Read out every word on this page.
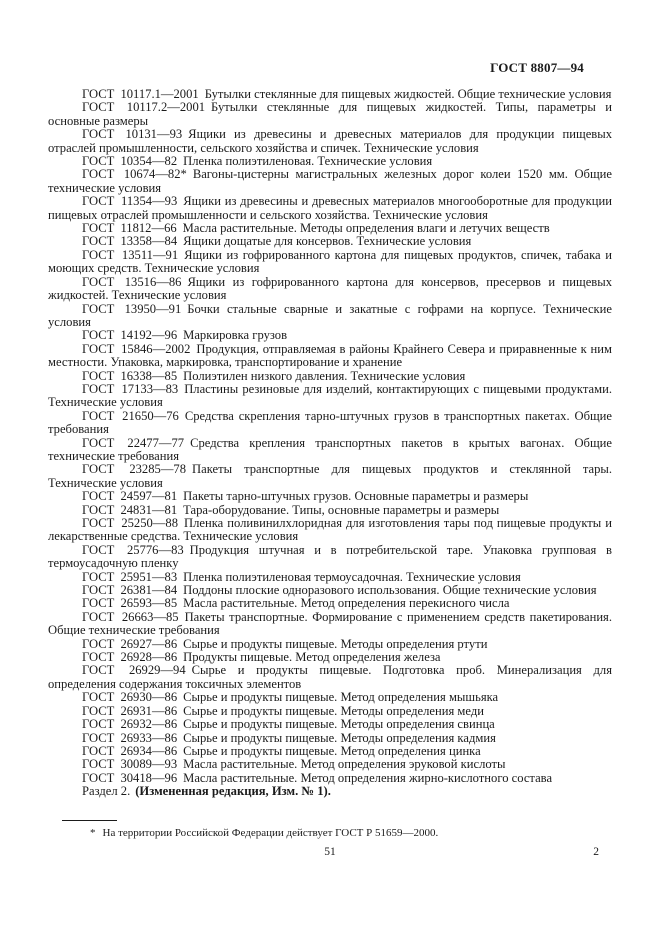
ГОСТ 8807—94

ГОСТ 10117.1—2001 Бутылки стеклянные для пищевых жидкостей. Общие технические условия

ГОСТ 10117.2—2001 Бутылки стеклянные для пищевых жидкостей. Типы, параметры и основные размеры

ГОСТ 10131—93 Ящики из древесины и древесных материалов для продукции пищевых отраслей промышленности, сельского хозяйства и спичек. Технические условия

ГОСТ 10354—82 Пленка полиэтиленовая. Технические условия

ГОСТ 10674—82* Вагоны-цистерны магистральных железных дорог колеи 1520 мм. Общие технические условия

ГОСТ 11354—93 Ящики из древесины и древесных материалов многооборотные для продукции пищевых отраслей промышленности и сельского хозяйства. Технические условия

ГОСТ 11812—66 Масла растительные. Методы определения влаги и летучих веществ

ГОСТ 13358—84 Ящики дощатые для консервов. Технические условия

ГОСТ 13511—91 Ящики из гофрированного картона для пищевых продуктов, спичек, табака и моющих средств. Технические условия

ГОСТ 13516—86 Ящики из гофрированного картона для консервов, пресервов и пищевых жидкостей. Технические условия

ГОСТ 13950—91 Бочки стальные сварные и закатные с гофрами на корпусе. Технические условия

ГОСТ 14192—96 Маркировка грузов

ГОСТ 15846—2002 Продукция, отправляемая в районы Крайнего Севера и приравненные к ним местности. Упаковка, маркировка, транспортирование и хранение

ГОСТ 16338—85 Полиэтилен низкого давления. Технические условия

ГОСТ 17133—83 Пластины резиновые для изделий, контактирующих с пищевыми продуктами. Технические условия

ГОСТ 21650—76 Средства скрепления тарно-штучных грузов в транспортных пакетах. Общие требования

ГОСТ 22477—77 Средства крепления транспортных пакетов в крытых вагонах. Общие технические требования

ГОСТ 23285—78 Пакеты транспортные для пищевых продуктов и стеклянной тары. Технические условия

ГОСТ 24597—81 Пакеты тарно-штучных грузов. Основные параметры и размеры

ГОСТ 24831—81 Тара-оборудование. Типы, основные параметры и размеры

ГОСТ 25250—88 Пленка поливинилхлоридная для изготовления тары под пищевые продукты и лекарственные средства. Технические условия

ГОСТ 25776—83 Продукция штучная и в потребительской таре. Упаковка групповая в термоусадочную пленку

ГОСТ 25951—83 Пленка полиэтиленовая термоусадочная. Технические условия

ГОСТ 26381—84 Поддоны плоские одноразового использования. Общие технические условия

ГОСТ 26593—85 Масла растительные. Метод определения перекисного числа

ГОСТ 26663—85 Пакеты транспортные. Формирование с применением средств пакетирования. Общие технические требования

ГОСТ 26927—86 Сырье и продукты пищевые. Методы определения ртути

ГОСТ 26928—86 Продукты пищевые. Метод определения железа

ГОСТ 26929—94 Сырье и продукты пищевые. Подготовка проб. Минерализация для определения содержания токсичных элементов

ГОСТ 26930—86 Сырье и продукты пищевые. Метод определения мышьяка

ГОСТ 26931—86 Сырье и продукты пищевые. Методы определения меди

ГОСТ 26932—86 Сырье и продукты пищевые. Методы определения свинца

ГОСТ 26933—86 Сырье и продукты пищевые. Методы определения кадмия

ГОСТ 26934—86 Сырье и продукты пищевые. Метод определения цинка

ГОСТ 30089—93 Масла растительные. Метод определения эруковой кислоты

ГОСТ 30418—96 Масла растительные. Метод определения жирно-кислотного состава

Раздел 2. (Измененная редакция, Изм. № 1).

* На территории Российской Федерации действует ГОСТ Р 51659—2000.

51	2
